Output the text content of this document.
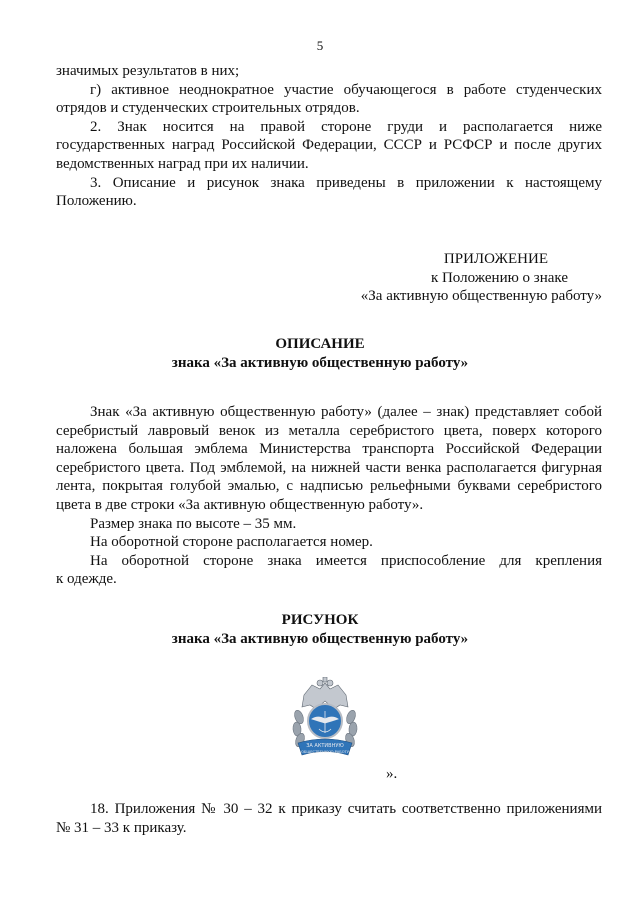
5

значимых результатов в них;

г) активное неоднократное участие обучающегося в работе студенческих
отрядов и студенческих строительных отрядов.

2. Знак носится на правой стороне груди и располагается ниже
государственных наград Российской Федерации, СССР и РСФСР и после других
ведомственных наград при их наличии.

3. Описание и рисунок знака приведены в приложении к настоящему
Положению.

ПРИЛОЖЕНИЕ
к Положению о знаке
«За активную общественную работу»
ОПИСАНИЕ
знака «За активную общественную работу»

Знак «За активную общественную работу» (далее – знак) представляет собой
серебристый лавровый венок из металла серебристого цвета, поверх которого
наложена большая эмблема Министерства транспорта Российской Федерации
серебристого цвета. Под эмблемой, на нижней части венка располагается фигурная
лента, покрытая голубой эмалью, с надписью рельефными буквами серебристого
цвета в две строки «За активную общественную работу».

Размер знака по высоте – 35 мм.

На оборотной стороне располагается номер.

На оборотной стороне знака имеется приспособление для крепления
к одежде.

РИСУНОК
знака «За активную общественную работу»
ЗА АКТИВНУЮ
ОБЩЕСТВЕННУЮ РАБОТУ
».

18. Приложения № 30 – 32 к приказу считать соответственно приложениями
№ 31 – 33 к приказу.
